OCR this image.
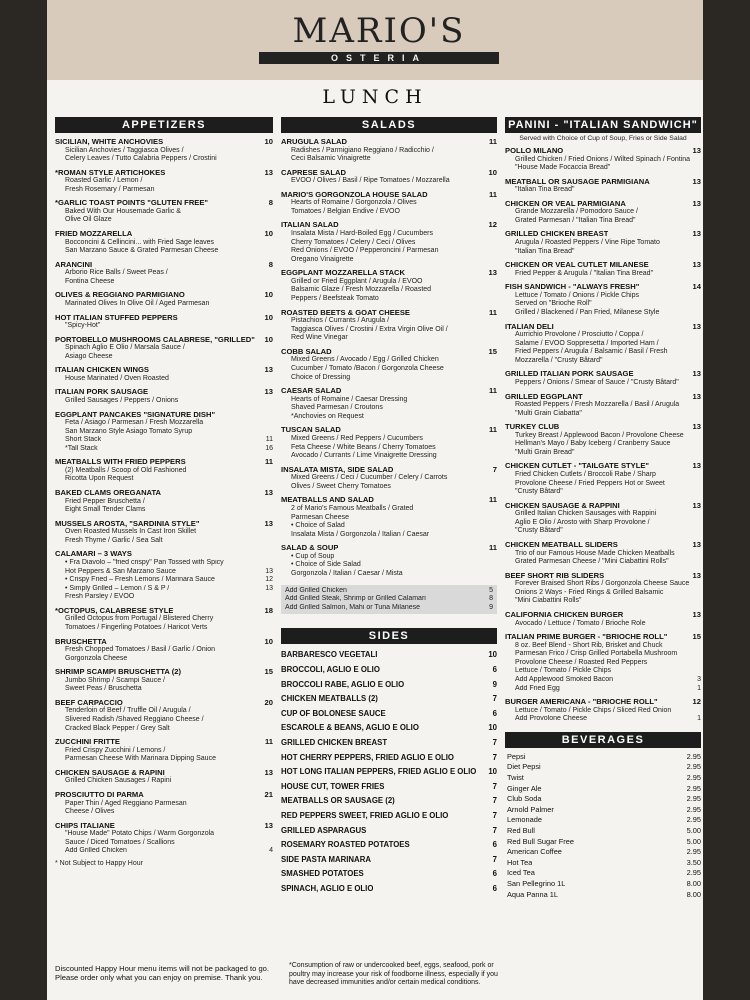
MARIO'S
OSTERIA
LUNCH
APPETIZERS
SICILIAN, WHITE ANCHOVIES	10
Sicilian Anchovies / Taggiasca Olives /
Celery Leaves / Tutto Calabria Peppers / Crostini
*ROMAN STYLE ARTICHOKES	13
Roasted Garlic / Lemon /
Fresh Rosemary / Parmesan
*GARLIC TOAST POINTS "GLUTEN FREE"	8
Baked With Our Housemade Garlic &
Olive Oil Glaze
FRIED MOZZARELLA	10
Bocconcini & Cellincini... with Fried Sage leaves
San Marzano Sauce & Grated Parmesan Cheese
ARANCINI	8
Arborio Rice Balls / Sweet Peas /
Fontina Cheese
OLIVES & REGGIANO PARMIGIANO	10
Marinated Olives In Olive Oil / Aged Parmesan
HOT ITALIAN STUFFED PEPPERS	10
"Spicy-Hot"
PORTOBELLO MUSHROOMS CALABRESE, "GRILLED"	10
Spinach Aglio E Olio / Marsala Sauce /
Asiago Cheese
ITALIAN CHICKEN WINGS	13
House Marinated / Oven Roasted
ITALIAN PORK SAUSAGE	13
Grilled Sausages / Peppers / Onions
EGGPLANT PANCAKES "SIGNATURE DISH"
Feta / Asiago / Parmesan / Fresh Mozzarella
San Marzano Style Asiago Tomato Syrup
Short Stack	11
*Tall Stack	16
MEATBALLS WITH FRIED PEPPERS	11
(2) Meatballs / Scoop of Old Fashioned
Ricotta Upon Request
BAKED CLAMS OREGANATA	13
Fried Pepper Bruschetta /
Eight Small Tender Clams
MUSSELS AROSTA, "SARDINIA STYLE"	13
Oven Roasted Mussels In Cast Iron Skillet
Fresh Thyme / Garlic / Sea Salt
CALAMARI – 3 WAYS
• Fra Diavolo – "fried crispy" Pan Tossed with Spicy
Hot Peppers & San Marzano Sauce	13
• Crispy Fried – Fresh Lemons / Marinara Sauce	12
• Simply Grilled – Lemon / S & P /	13
Fresh Parsley / EVOO
*OCTOPUS, CALABRESE STYLE	18
Grilled Octopus from Portugal / Blistered Cherry
Tomatoes / Fingerling Potatoes / Haricot Verts
BRUSCHETTA	10
Fresh Chopped Tomatoes / Basil / Garlic / Onion
Gorgonzola Cheese
SHRIMP SCAMPI BRUSCHETTA (2)	15
Jumbo Shrimp / Scampi Sauce /
Sweet Peas / Bruschetta
BEEF CARPACCIO	20
Tenderloin of Beef / Truffle Oil / Arugula /
Slivered Radish /Shaved Reggiano Cheese /
Cracked Black Pepper / Grey Salt
ZUCCHINI FRITTE	11
Fried Crispy Zucchini / Lemons /
Parmesan Cheese With Marinara Dipping Sauce
CHICKEN SAUSAGE & RAPINI	13
Grilled Chicken Sausages / Rapini
PROSCIUTTO DI PARMA	21
Paper Thin / Aged Reggiano Parmesan
Cheese / Olives
CHIPS ITALIANE	13
"House Made" Potato Chips / Warm Gorgonzola
Sauce / Diced Tomatoes / Scallions
Add Grilled Chicken	4
* Not Subject to Happy Hour
SALADS
ARUGULA SALAD	11
Radishes / Parmigiano Reggiano / Radicchio /
Ceci Balsamic Vinaigrette
CAPRESE SALAD	10
EVOO / Olives / Basil / Ripe Tomatoes / Mozzarella
MARIO'S GORGONZOLA HOUSE SALAD	11
Hearts of Romaine / Gorgonzola / Olives
Tomatoes / Belgian Endive / EVOO
ITALIAN SALAD	12
Insalata Mista / Hard-Boiled Egg / Cucumbers
Cherry Tomatoes / Celery / Ceci / Olives
Red Onions / EVOO / Pepperoncini / Parmesan
Oregano Vinaigrette
EGGPLANT MOZZARELLA STACK	13
Grilled or Fried Eggplant / Arugula / EVOO
Balsamic Glaze / Fresh Mozzarella / Roasted
Peppers / Beefsteak Tomato
ROASTED BEETS & GOAT CHEESE	11
Pistachios / Currants / Arugula /
Taggiasca Olives / Crostini / Extra Virgin Olive Oil /
Red Wine Vinegar
COBB SALAD	15
Mixed Greens / Avocado / Egg / Grilled Chicken
Cucumber / Tomato /Bacon / Gorgonzola Cheese
Choice of Dressing
CAESAR SALAD	11
Hearts of Romaine / Caesar Dressing
Shaved Parmesan / Croutons
*Anchovies on Request
TUSCAN SALAD	11
Mixed Greens / Red Peppers / Cucumbers
Feta Cheese / White Beans / Cherry Tomatoes
Avocado / Currants / Lime Vinaigrette Dressing
INSALATA MISTA, SIDE SALAD	7
Mixed Greens / Ceci / Cucumber / Celery / Carrots
Olives / Sweet Cherry Tomatoes
MEATBALLS AND SALAD	11
2 of Mario's Famous Meatballs / Grated
Parmesan Cheese
• Choice of Salad
Insalata Mista / Gorgonzola / Italian / Caesar
SALAD & SOUP	11
• Cup of Soup
• Choice of Side Salad
Gorgonzola / Italian / Caesar / Mista
Add Grilled Chicken	5
Add Grilled Steak, Shrimp or Grilled Calamari	8
Add Grilled Salmon, Mahi or Tuna Milanese	9
SIDES
BARBARESCO VEGETALI	10
BROCCOLI, AGLIO E OLIO	6
BROCCOLI RABE, AGLIO E OLIO	9
CHICKEN MEATBALLS (2)	7
CUP OF BOLONESE SAUCE	6
ESCAROLE & BEANS, AGLIO E OLIO	10
GRILLED CHICKEN BREAST	7
HOT CHERRY PEPPERS, FRIED AGLIO E OLIO	7
HOT LONG ITALIAN PEPPERS, FRIED AGLIO E OLIO	10
HOUSE CUT, TOWER FRIES	7
MEATBALLS OR SAUSAGE (2)	7
RED PEPPERS SWEET, FRIED AGLIO E OLIO	7
GRILLED ASPARAGUS	7
ROSEMARY ROASTED POTATOES	6
SIDE PASTA MARINARA	7
SMASHED POTATOES	6
SPINACH, AGLIO E OLIO	6
PANINI - "ITALIAN SANDWICH"
Served with Choice of Cup of Soup, Fries or Side Salad
POLLO MILANO	13
Grilled Chicken / Fried Onions / Wilted Spinach / Fontina
"House Made Focaccia Bread"
MEATBALL OR SAUSAGE PARMIGIANA	13
"Italian Tina Bread"
CHICKEN OR VEAL PARMIGIANA	13
Grande Mozzarella / Pomodoro Sauce /
Grated Parmesan / "Italian Tina Bread"
GRILLED CHICKEN BREAST	13
Arugula / Roasted Peppers / Vine Ripe Tomato
"Italian Tina Bread"
CHICKEN OR VEAL CUTLET MILANESE	13
Fried Pepper & Arugula / "Italian Tina Bread"
FISH SANDWICH - "ALWAYS FRESH"	14
Lettuce / Tomato / Onions / Pickle Chips
Served on "Brioche Roll"
Grilled / Blackened / Pan Fried, Milanese Style
ITALIAN DELI	13
Aurrichio Provolone / Prosciutto / Coppa /
Salame / EVOO Soppresetta / Imported Ham /
Fried Peppers / Arugula / Balsamic / Basil / Fresh
Mozzarella / "Crusty Bâtard"
GRILLED ITALIAN PORK SAUSAGE	13
Peppers / Onions / Smear of Sauce / "Crusty Bâtard"
GRILLED EGGPLANT	13
Roasted Peppers / Fresh Mozzarella / Basil / Arugula
"Multi Grain Ciabatta"
TURKEY CLUB	13
Turkey Breast / Applewood Bacon / Provolone Cheese
Hellman's Mayo / Baby Iceberg / Cranberry Sauce
"Multi Grain Bread"
CHICKEN CUTLET - "TAILGATE STYLE"	13
Fried Chicken Cutlets / Broccoli Rabe / Sharp
Provolone Cheese / Fried Peppers Hot or Sweet
"Crusty Bâtard"
CHICKEN SAUSAGE & RAPPINI	13
Grilled Italian Chicken Sausages with Rappini
Aglio E Olio / Arosto with Sharp Provolone /
"Crusty Bâtard"
CHICKEN MEATBALL SLIDERS	13
Trio of our Famous House Made Chicken Meatballs
Grated Parmesan Cheese / "Mini Ciabattini Rolls"
BEEF SHORT RIB SLIDERS	13
Forever Braised Short Ribs / Gorgonzola Cheese Sauce
Onions 2 Ways - Fried Rings & Grilled Balsamic
"Mini Ciabattini Rolls"
CALIFORNIA CHICKEN BURGER	13
Avocado / Lettuce / Tomato / Brioche Role
ITALIAN PRIME BURGER - "BRIOCHE ROLL"	15
8 oz. Beef Blend - Short Rib, Brisket and Chuck
Parmesan Frico / Crisp Grilled Portabella Mushroom
Provolone Cheese / Roasted Red Peppers
Lettuce / Tomato / Pickle Chips
Add Applewood Smoked Bacon	3
Add Fried Egg	1
BURGER AMERICANA - "BRIOCHE ROLL"	12
Lettuce / Tomato / Pickle Chips / Sliced Red Onion
Add Provolone Cheese	1
BEVERAGES
Pepsi	2.95
Diet Pepsi	2.95
Twist	2.95
Ginger Ale	2.95
Club Soda	2.95
Arnold Palmer	2.95
Lemonade	2.95
Red Bull	5.00
Red Bull Sugar Free	5.00
American Coffee	2.95
Hot Tea	3.50
Iced Tea	2.95
San Pellegrino 1L	8.00
Aqua Panna 1L	8.00
Discounted Happy Hour menu items will not be packaged to go. Please order only what you can enjoy on premise. Thank you.
*Consumption of raw or undercooked beef, eggs, seafood, pork or poultry may increase your risk of foodborne illness, especially if you have decreased immunities and/or certain medical conditions.
